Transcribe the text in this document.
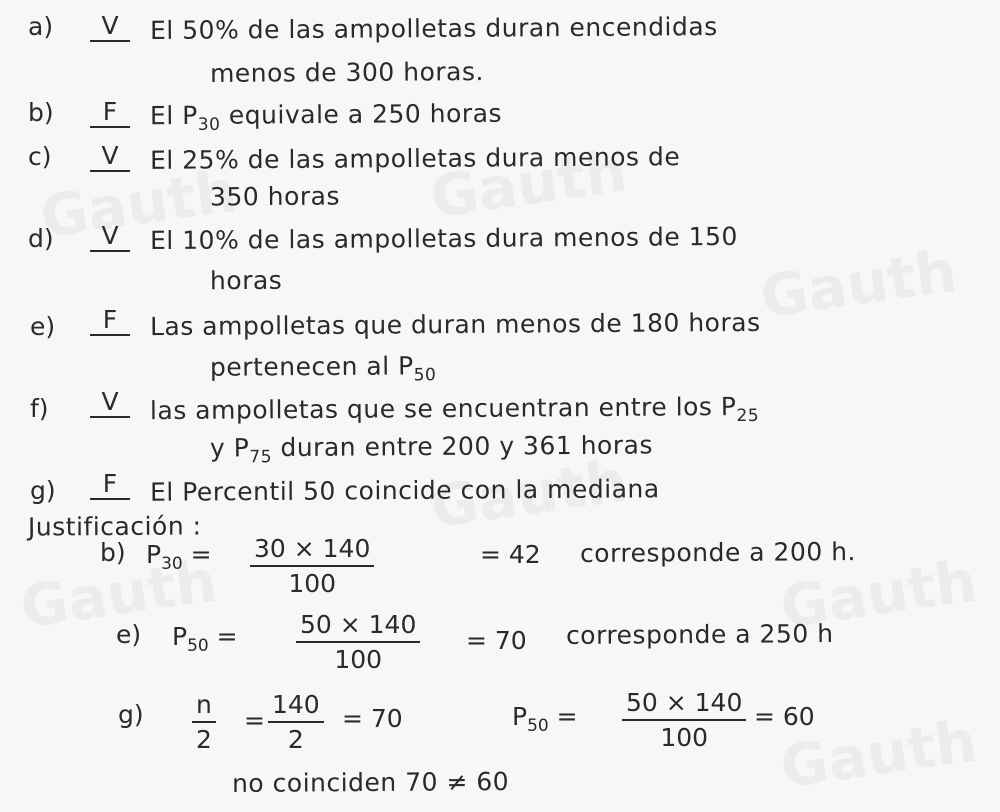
a)	V	El 50% de las ampolletas duran encendidas
menos de 300 horas.
b)	F	El $P_{30}$ equivale a 250 horas
c)	V	El 25% de las ampolletas dura menos de
350 horas
d)	V	El 10% de las ampolletas dura menos de 150
horas
e)	F	Las ampolletas que duran menos de 180 horas
pertenecen al $P_{50}$
f)	V	las ampolletas que se encuentran entre los $P_{25}$
y $P_{75}$ duran entre 200 y 361 horas
g)	F	El Percentil 50 coincide con la mediana
Justificación :
b) $P_{30} = \frac{30 \times 140}{100}$	= 42 corresponde a 200 h.
e) $P_{50} = \frac{50 \times 140}{100} = 70$ corresponde a 250 h
$g) \frac{n}{2} = \frac{140}{2} = 70$	$P_{50} = \frac{50 \times 140}{100} = 60$
no coinciden 70 ≠ 60
